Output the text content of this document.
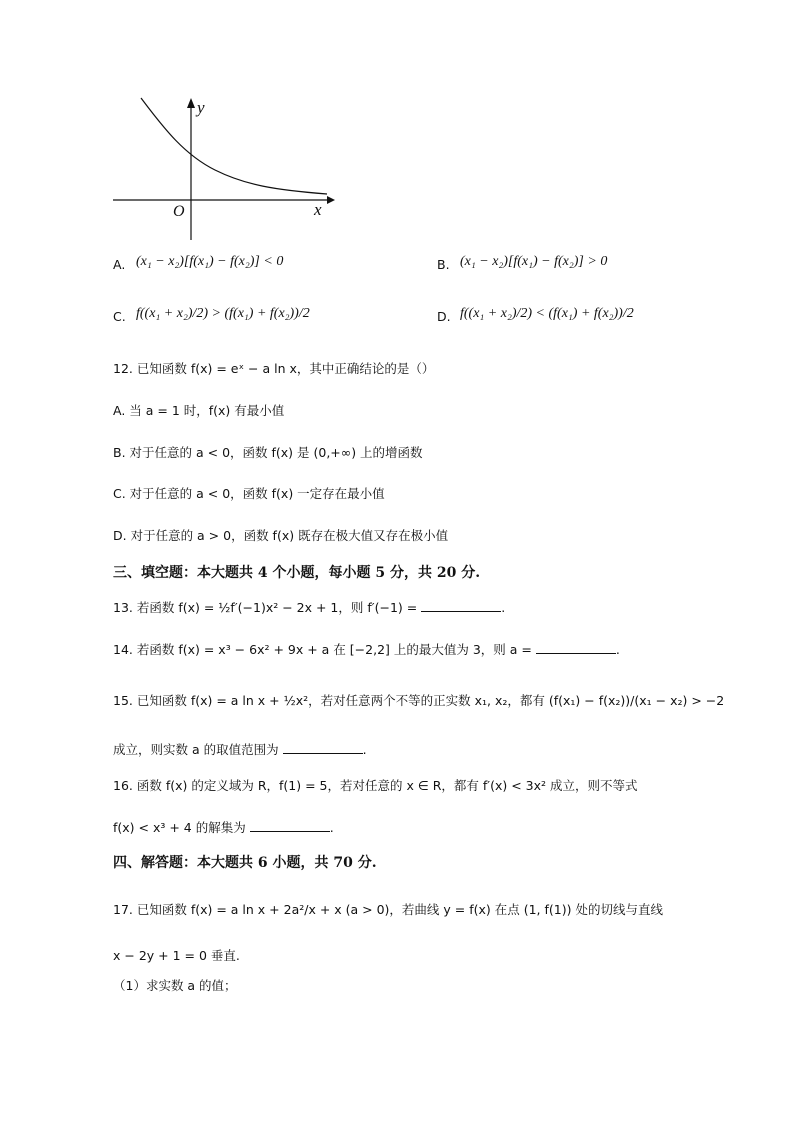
y
x
O
A. (x₁ − x₂)[f(x₁) − f(x₂)] < 0	B. (x₁ − x₂)[f(x₁) − f(x₂)] > 0
C. f((x₁ + x₂)/2) > (f(x₁) + f(x₂))/2	D. f((x₁ + x₂)/2) < (f(x₁) + f(x₂))/2
12. 已知函数 f(x) = eˣ − a ln x，其中正确结论的是（）
A. 当 a = 1 时，f(x) 有最小值
B. 对于任意的 a < 0，函数 f(x) 是 (0,+∞) 上的增函数
C. 对于任意的 a < 0，函数 f(x) 一定存在最小值
D. 对于任意的 a > 0，函数 f(x) 既存在极大值又存在极小值
三、填空题：本大题共 4 个小题，每小题 5 分，共 20 分.
13. 若函数 f(x) = ½f′(−1)x² − 2x + 1，则 f′(−1) =	.
14. 若函数 f(x) = x³ − 6x² + 9x + a 在 [−2,2] 上的最大值为 3，则 a =	.
15. 已知函数 f(x) = a ln x + ½x²，若对任意两个不等的正实数 x₁, x₂，都有 (f(x₁) − f(x₂))/(x₁ − x₂) > −2
成立，则实数 a 的取值范围为	.
16. 函数 f(x) 的定义域为 R，f(1) = 5，若对任意的 x ∈ R，都有 f′(x) < 3x² 成立，则不等式
f(x) < x³ + 4 的解集为	.
四、解答题：本大题共 6 小题，共 70 分.
17. 已知函数 f(x) = a ln x + 2a²/x + x (a > 0)，若曲线 y = f(x) 在点 (1, f(1)) 处的切线与直线
x − 2y + 1 = 0 垂直.
（1）求实数 a 的值；
